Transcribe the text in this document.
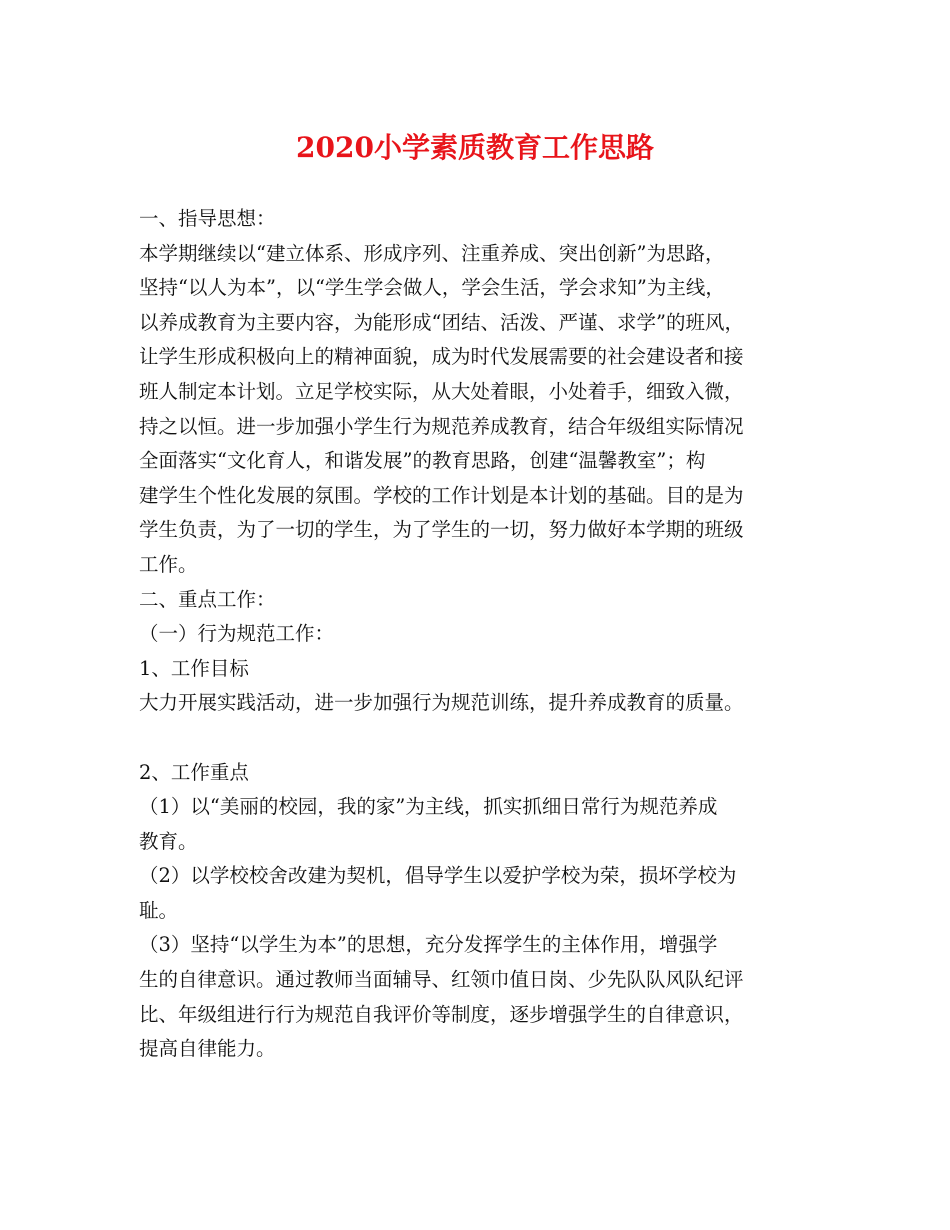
2020小学素质教育工作思路

一、指导思想：

本学期继续以“建立体系、形成序列、注重养成、突出创新”为思路，

坚持“以人为本”，以“学生学会做人，学会生活，学会求知”为主线，

以养成教育为主要内容，为能形成“团结、活泼、严谨、求学”的班风，

让学生形成积极向上的精神面貌，成为时代发展需要的社会建设者和接

班人制定本计划。立足学校实际，从大处着眼，小处着手，细致入微，

持之以恒。进一步加强小学生行为规范养成教育，结合年级组实际情况

全面落实“文化育人，和谐发展”的教育思路，创建“温馨教室”；构

建学生个性化发展的氛围。学校的工作计划是本计划的基础。目的是为

学生负责，为了一切的学生，为了学生的一切，努力做好本学期的班级

工作。

二、重点工作：

（一）行为规范工作：

1、工作目标

大力开展实践活动，进一步加强行为规范训练，提升养成教育的质量。

2、工作重点

（1）以“美丽的校园，我的家”为主线，抓实抓细日常行为规范养成

教育。

（2）以学校校舍改建为契机，倡导学生以爱护学校为荣，损坏学校为

耻。

（3）坚持“以学生为本”的思想，充分发挥学生的主体作用，增强学

生的自律意识。通过教师当面辅导、红领巾值日岗、少先队队风队纪评

比、年级组进行行为规范自我评价等制度，逐步增强学生的自律意识，

提高自律能力。
